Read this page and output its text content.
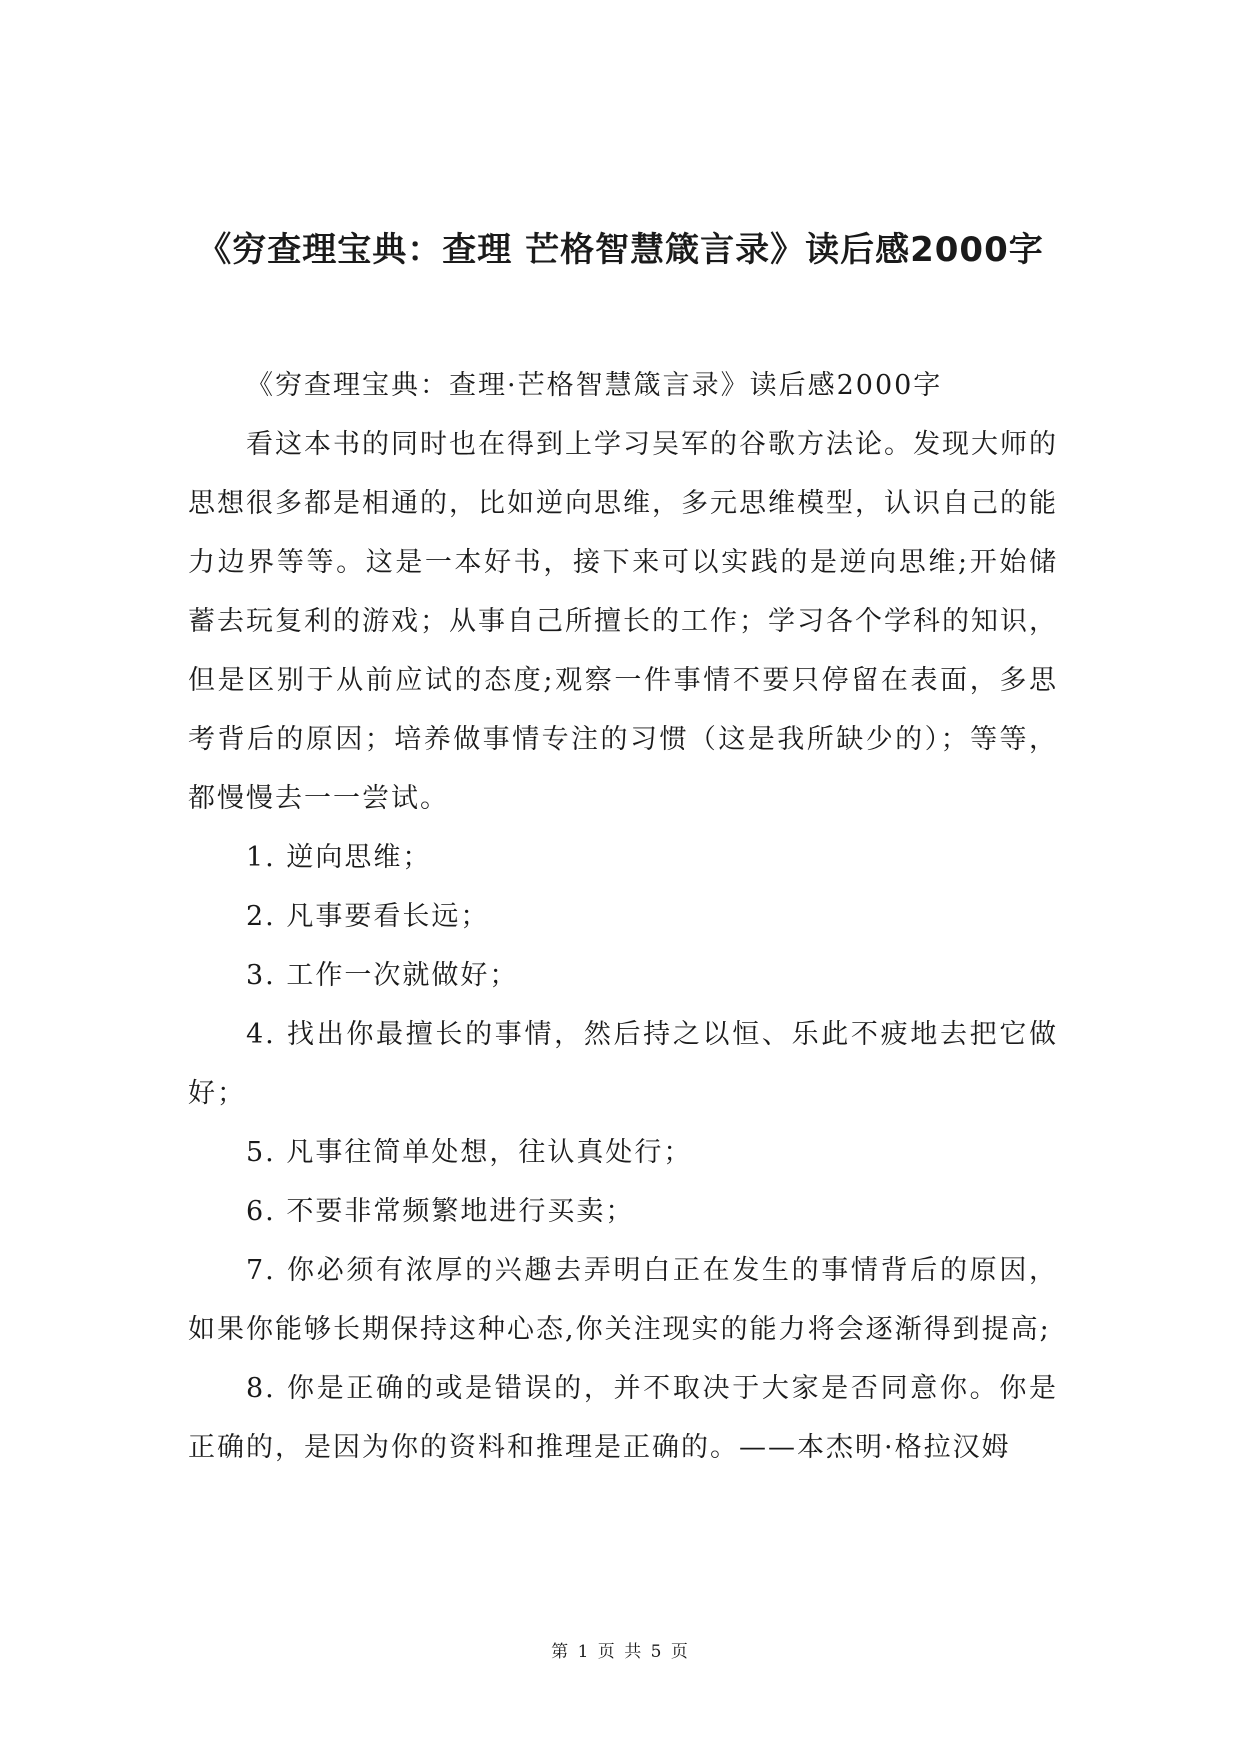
《穷查理宝典：查理 芒格智慧箴言录》读后感2000字

《穷查理宝典：查理·芒格智慧箴言录》读后感2000字

看这本书的同时也在得到上学习吴军的谷歌方法论。发现大师的思想很多都是相通的，比如逆向思维，多元思维模型，认识自己的能力边界等等。这是一本好书，接下来可以实践的是逆向思维;开始储蓄去玩复利的游戏；从事自己所擅长的工作；学习各个学科的知识，但是区别于从前应试的态度;观察一件事情不要只停留在表面，多思考背后的原因；培养做事情专注的习惯（这是我所缺少的）；等等，都慢慢去一一尝试。

1. 逆向思维；

2. 凡事要看长远；

3. 工作一次就做好；

4. 找出你最擅长的事情，然后持之以恒、乐此不疲地去把它做好；

5. 凡事往简单处想，往认真处行；

6. 不要非常频繁地进行买卖；

7. 你必须有浓厚的兴趣去弄明白正在发生的事情背后的原因，如果你能够长期保持这种心态,你关注现实的能力将会逐渐得到提高;

8. 你是正确的或是错误的，并不取决于大家是否同意你。你是正确的，是因为你的资料和推理是正确的。——本杰明·格拉汉姆

第 1 页 共 5 页
